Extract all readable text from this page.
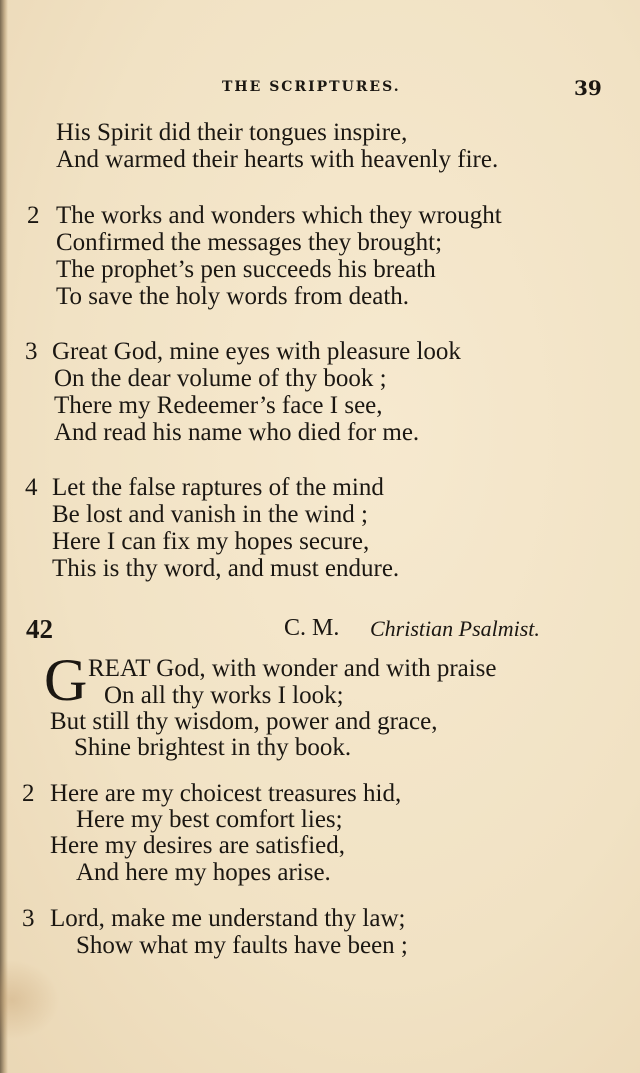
THE SCRIPTURES.	39
His Spirit did their tongues inspire,
And warmed their hearts with heavenly fire.
2 The works and wonders which they wrought
Confirmed the messages they brought;
The prophet’s pen succeeds his breath
To save the holy words from death.
3 Great God, mine eyes with pleasure look
On the dear volume of thy book ;
There my Redeemer’s face I see,
And read his name who died for me.
4 Let the false raptures of the mind
Be lost and vanish in the wind ;
Here I can fix my hopes secure,
This is thy word, and must endure.
42	C. M. Christian Psalmist.
G REAT God, with wonder and with praise
On all thy works I look;
But still thy wisdom, power and grace,
Shine brightest in thy book.
2 Here are my choicest treasures hid,
Here my best comfort lies;
Here my desires are satisfied,
And here my hopes arise.
3 Lord, make me understand thy law;
Show what my faults have been ;
